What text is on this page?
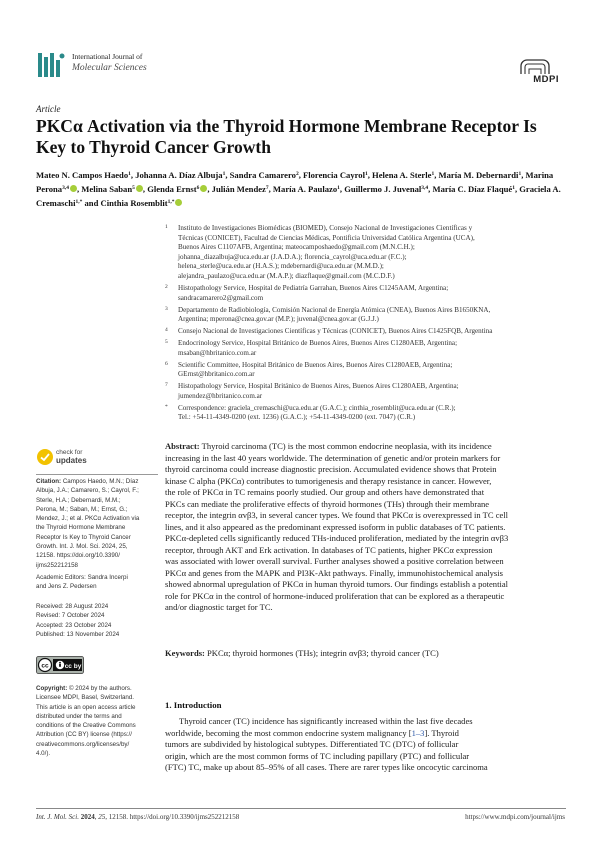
International Journal of
Molecular Sciences
MDPI
Article
PKCα Activation via the Thyroid Hormone Membrane Receptor Is Key to Thyroid Cancer Growth
Mateo N. Campos Haedo$^1$, Johanna A. Díaz Albuja$^1$, Sandra Camarero$^2$, Florencia Cayrol$^1$, Helena A. Sterle$^1$, María M. Debernardi$^1$, Marina Perona$^{3,4}$ , Melina Saban$^5$ , Glenda Ernst$^6$ , Julián Mendez$^7$, María A. Paulazo$^1$, Guillermo J. Juvenal$^{3,4}$, María C. Díaz Flaqué$^1$, Graciela A. Cremaschi$^{1,*}$ and Cinthia Rosemblit$^{1,*}$
1 Instituto de Investigaciones Biomédicas (BIOMED), Consejo Nacional de Investigaciones Científicas y
Técnicas (CONICET), Facultad de Ciencias Médicas, Pontificia Universidad Católica Argentina (UCA),
Buenos Aires C1107AFB, Argentina; mateocamposhaedo@gmail.com (M.N.C.H.);
johanna_diazalbuja@uca.edu.ar (J.A.D.A.); florencia_cayrol@uca.edu.ar (F.C.);
helena_sterle@uca.edu.ar (H.A.S.); mdebernardi@uca.edu.ar (M.M.D.);
alejandra_paulazo@uca.edu.ar (M.A.P.); diazflaque@gmail.com (M.C.D.F.)
2 Histopathology Service, Hospital de Pediatría Garrahan, Buenos Aires C1245AAM, Argentina;
sandracamarero2@gmail.com
3 Departamento de Radiobiología, Comisión Nacional de Energía Atómica (CNEA), Buenos Aires B1650KNA,
Argentina; mperona@cnea.gov.ar (M.P.); juvenal@cnea.gov.ar (G.J.J.)
4 Consejo Nacional de Investigaciones Científicas y Técnicas (CONICET), Buenos Aires C1425FQB, Argentina
5 Endocrinology Service, Hospital Británico de Buenos Aires, Buenos Aires C1280AEB, Argentina;
msaban@hbritanico.com.ar
6 Scientific Committee, Hospital Británico de Buenos Aires, Buenos Aires C1280AEB, Argentina;
GErnst@hbritanico.com.ar
7 Histopathology Service, Hospital Británico de Buenos Aires, Buenos Aires C1280AEB, Argentina;
jumendez@hbritanico.com.ar
* Correspondence: graciela_cremaschi@uca.edu.ar (G.A.C.); cinthia_rosemblit@uca.edu.ar (C.R.);
Tel.: +54-11-4349-0200 (ext. 1236) (G.A.C.); +54-11-4349-0200 (ext. 7047) (C.R.)
check for
updates
Citation: Campos Haedo, M.N.; Díaz
Albuja, J.A.; Camarero, S.; Cayrol, F.;
Sterle, H.A.; Debernardi, M.M.;
Perona, M.; Saban, M.; Ernst, G.;
Mendez, J.; et al. PKCα Activation via
the Thyroid Hormone Membrane
Receptor Is Key to Thyroid Cancer
Growth. Int. J. Mol. Sci. 2024, 25,
12158. https://doi.org/10.3390/
ijms252212158
Academic Editors: Sandra Incerpi
and Jens Z. Pedersen
Received: 28 August 2024
Revised: 7 October 2024
Accepted: 23 October 2024
Published: 13 November 2024
cc cc by
Copyright: © 2024 by the authors.
Licensee MDPI, Basel, Switzerland.
This article is an open access article
distributed under the terms and
conditions of the Creative Commons
Attribution (CC BY) license (https://
creativecommons.org/licenses/by/
4.0/).
Abstract: Thyroid carcinoma (TC) is the most common endocrine neoplasia, with its incidence
increasing in the last 40 years worldwide. The determination of genetic and/or protein markers for
thyroid carcinoma could increase diagnostic precision. Accumulated evidence shows that Protein
kinase C alpha (PKCα) contributes to tumorigenesis and therapy resistance in cancer. However,
the role of PKCα in TC remains poorly studied. Our group and others have demonstrated that
PKCs can mediate the proliferative effects of thyroid hormones (THs) through their membrane
receptor, the integrin αvβ3, in several cancer types. We found that PKCα is overexpressed in TC cell
lines, and it also appeared as the predominant expressed isoform in public databases of TC patients.
PKCα-depleted cells significantly reduced THs-induced proliferation, mediated by the integrin αvβ3
receptor, through AKT and Erk activation. In databases of TC patients, higher PKCα expression
was associated with lower overall survival. Further analyses showed a positive correlation between
PKCα and genes from the MAPK and PI3K-Akt pathways. Finally, immunohistochemical analysis
showed abnormal upregulation of PKCα in human thyroid tumors. Our findings establish a potential
role for PKCα in the control of hormone-induced proliferation that can be explored as a therapeutic
and/or diagnostic target for TC.
Keywords: PKCα; thyroid hormones (THs); integrin αvβ3; thyroid cancer (TC)
1. Introduction
Thyroid cancer (TC) incidence has significantly increased within the last five decades
worldwide, becoming the most common endocrine system malignancy [1–3]. Thyroid
tumors are subdivided by histological subtypes. Differentiated TC (DTC) of follicular
origin, which are the most common forms of TC including papillary (PTC) and follicular
(FTC) TC, make up about 85–95% of all cases. There are rarer types like oncocytic carcinoma
Int. J. Mol. Sci. 2024, 25, 12158. https://doi.org/10.3390/ijms252212158	https://www.mdpi.com/journal/ijms
